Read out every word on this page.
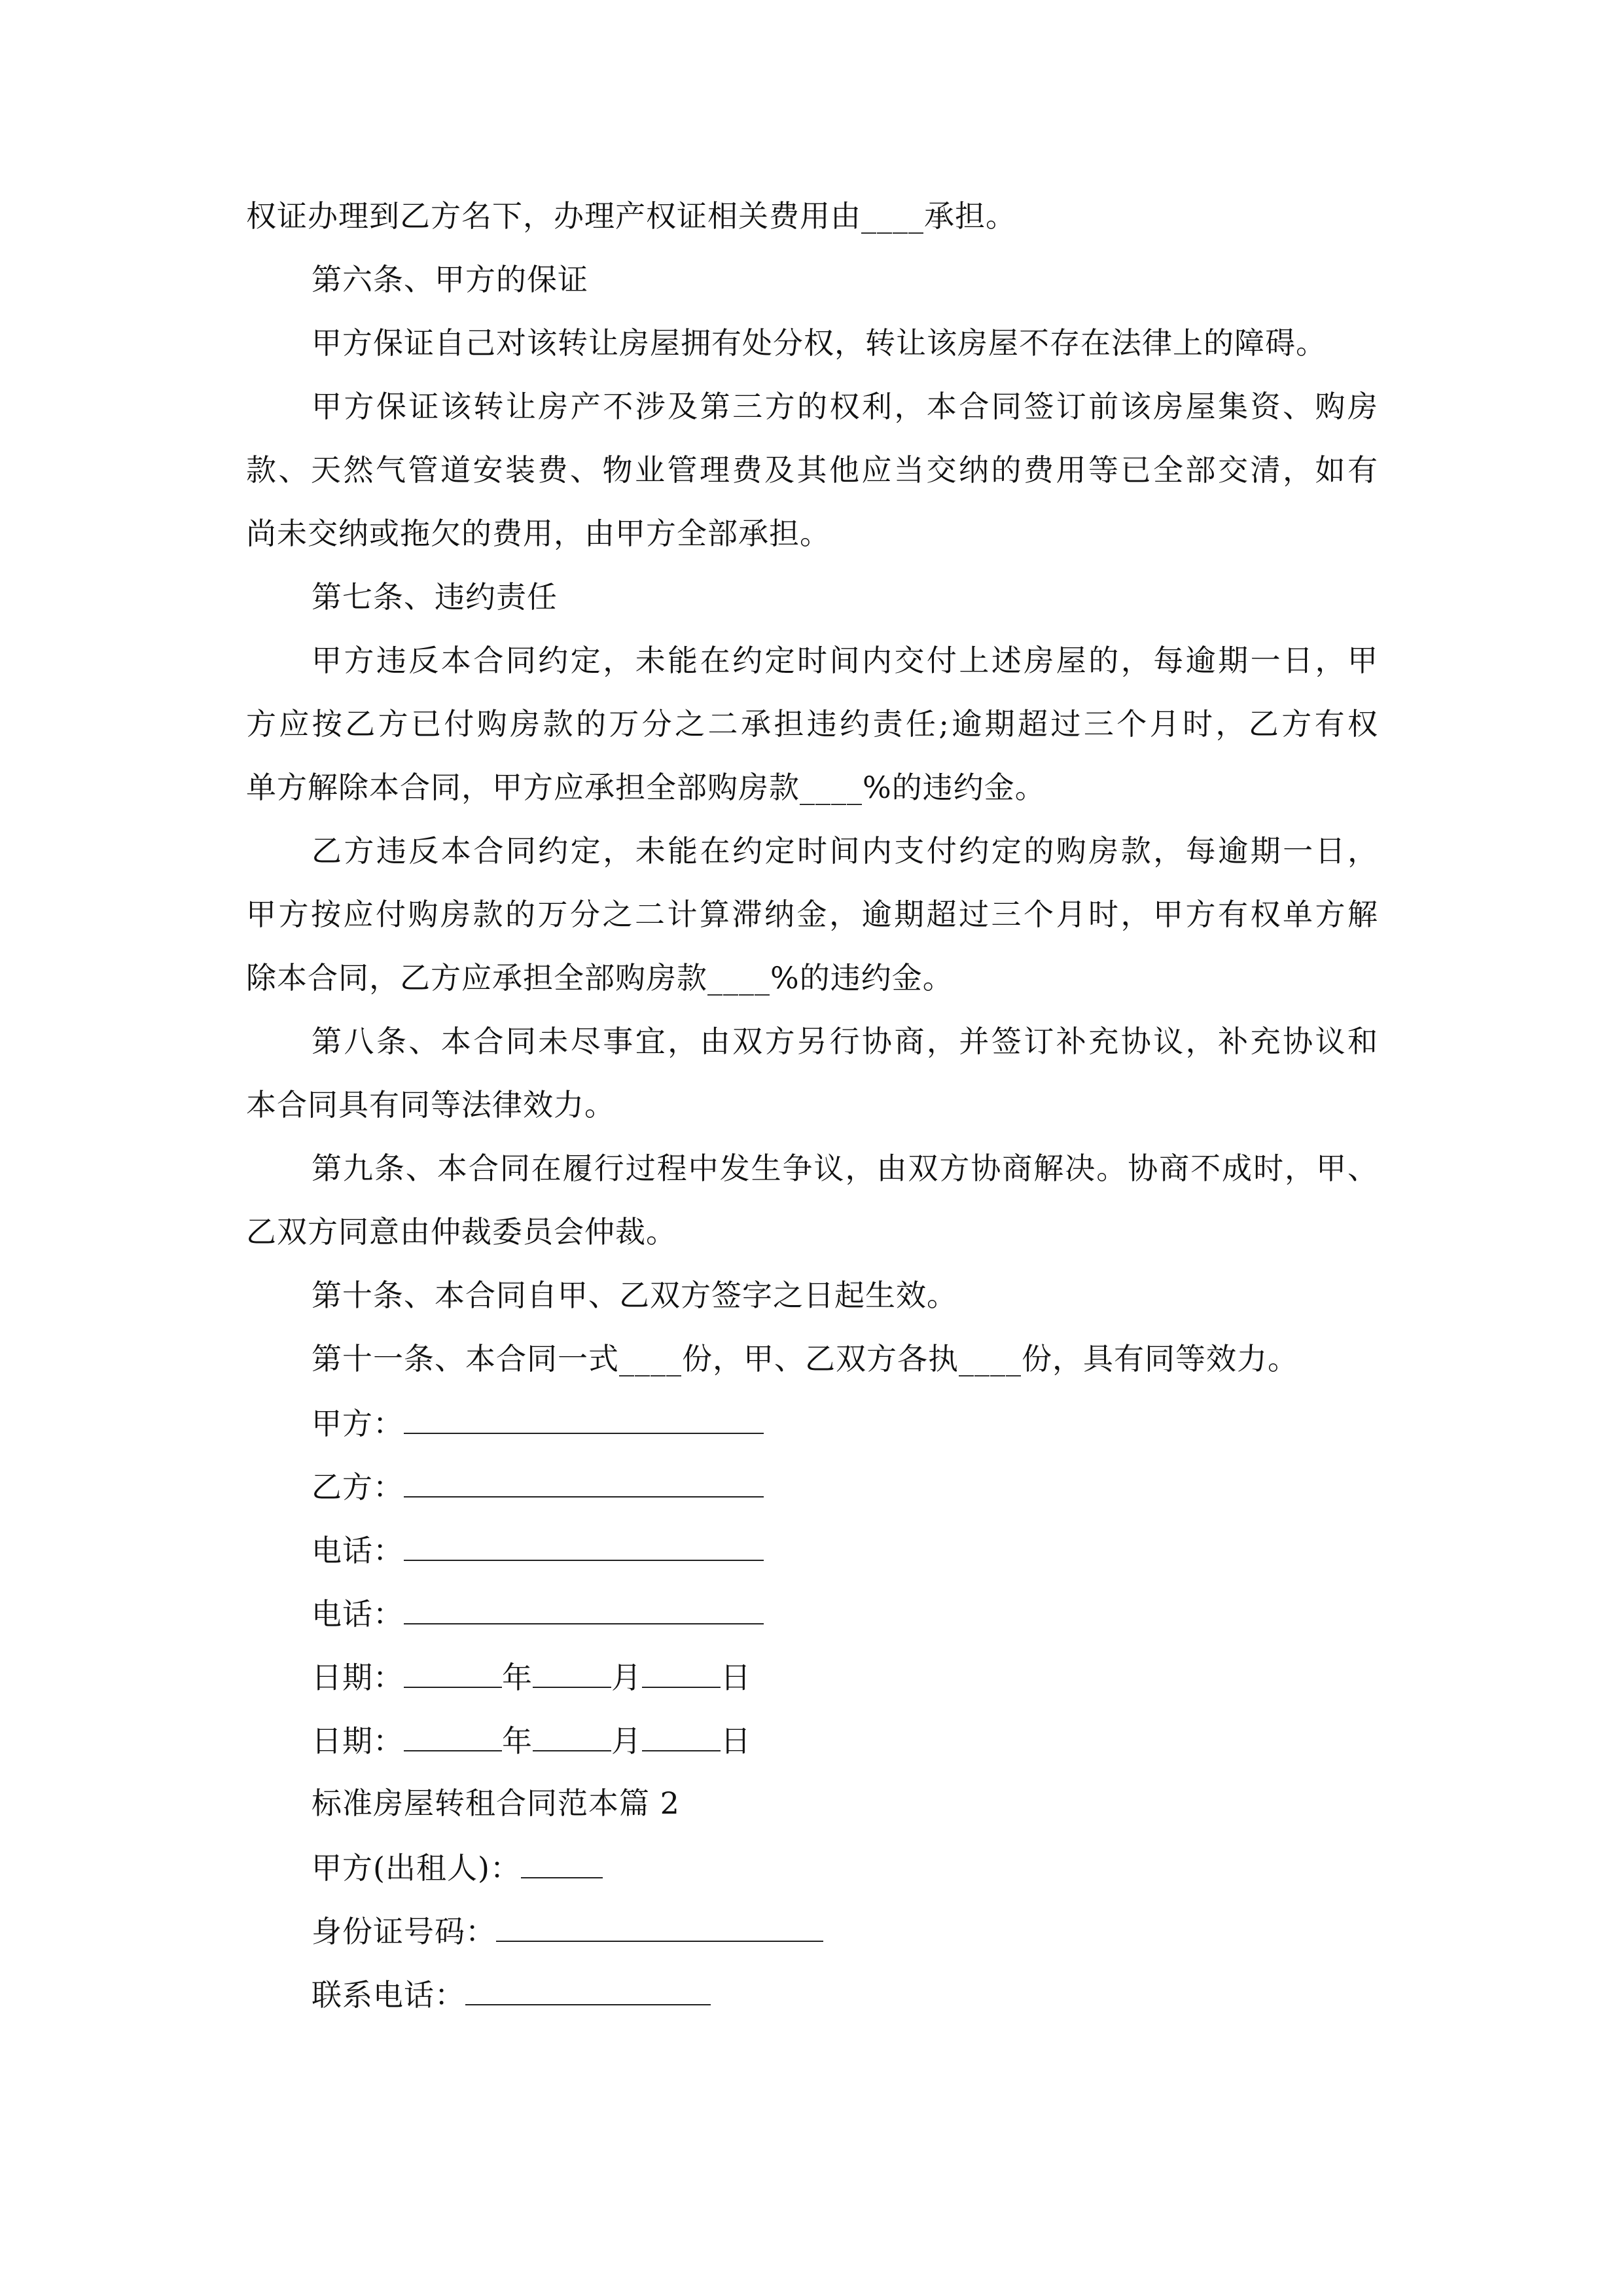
权证办理到乙方名下，办理产权证相关费用由____承担。
第六条、甲方的保证
甲方保证自己对该转让房屋拥有处分权，转让该房屋不存在法律上的障碍。
甲方保证该转让房产不涉及第三方的权利，本合同签订前该房屋集资、购房
款、天然气管道安装费、物业管理费及其他应当交纳的费用等已全部交清，如有
尚未交纳或拖欠的费用，由甲方全部承担。
第七条、违约责任
甲方违反本合同约定，未能在约定时间内交付上述房屋的，每逾期一日，甲
方应按乙方已付购房款的万分之二承担违约责任;逾期超过三个月时，乙方有权
单方解除本合同，甲方应承担全部购房款____%的违约金。
乙方违反本合同约定，未能在约定时间内支付约定的购房款，每逾期一日，
甲方按应付购房款的万分之二计算滞纳金，逾期超过三个月时，甲方有权单方解
除本合同，乙方应承担全部购房款____%的违约金。
第八条、本合同未尽事宜，由双方另行协商，并签订补充协议，补充协议和
本合同具有同等法律效力。
第九条、本合同在履行过程中发生争议，由双方协商解决。协商不成时，甲、
乙双方同意由仲裁委员会仲裁。
第十条、本合同自甲、乙双方签字之日起生效。
第十一条、本合同一式____份，甲、乙双方各执____份，具有同等效力。
甲方：
乙方：
电话：
电话：
日期：	年	月	日
日期：	年	月	日
标准房屋转租合同范本篇 2
甲方(出租人)：
身份证号码：
联系电话：
